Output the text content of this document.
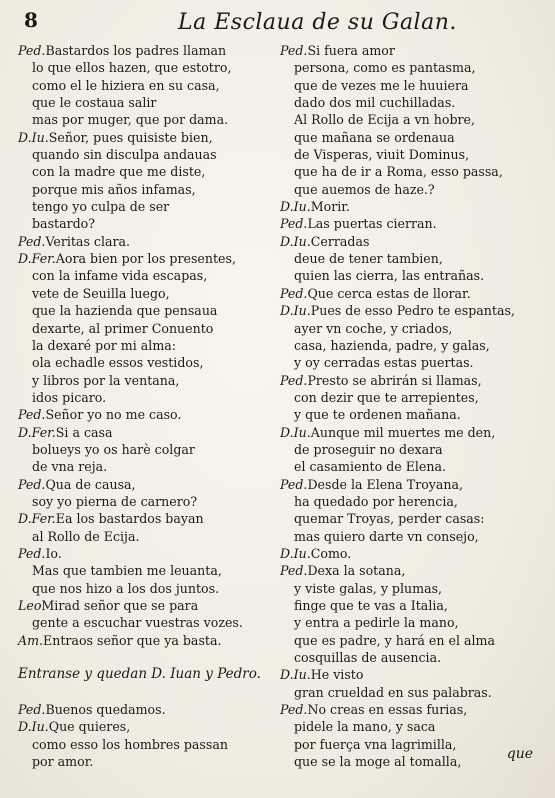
8	La Esclaua de su Galan.
Ped.Bastardos los padres llaman
lo que ellos hazen, que estotro,
como el le hiziera en su casa,
que le costaua salir
mas por muger, que por dama.
D.Iu.Señor, pues quisiste bien,
quando sin disculpa andauas
con la madre que me diste,
porque mis años infamas,
tengo yo culpa de ser
bastardo?
Ped.Veritas clara.
D.Fer.Aora bien por los presentes,
con la infame vida escapas,
vete de Seuilla luego,
que la hazienda que pensaua
dexarte, al primer Conuento
la dexaré por mi alma:
ola echadle essos vestidos,
y libros por la ventana,
idos picaro.
Ped.Señor yo no me caso.
D.Fer.Si a casa
bolueys yo os harè colgar
de vna reja.
Ped.Qua de causa,
soy yo pierna de carnero?
D.Fer.Ea los bastardos bayan
al Rollo de Ecija.
Ped.Io.
Mas que tambien me leuanta,
que nos hizo a los dos juntos.
LeoMirad señor que se para
gente a escuchar vuestras vozes.
Am.Entraos señor que ya basta.
Entranse y quedan D. Iuan y Pedro.
Ped.Buenos quedamos.
D.Iu.Que quieres,
como esso los hombres passan
por amor.
Ped.Si fuera amor
persona, como es pantasma,
que de vezes me le huuiera
dado dos mil cuchilladas.
Al Rollo de Ecija a vn hobre,
que mañana se ordenaua
de Visperas, viuit Dominus,
que ha de ir a Roma, esso passa,
que auemos de haze.?
D.Iu.Morir.
Ped.Las puertas cierran.
D.Iu.Cerradas
deue de tener tambien,
quien las cierra, las entrañas.
Ped.Que cerca estas de llorar.
D.Iu.Pues de esso Pedro te espantas,
ayer vn coche, y criados,
casa, hazienda, padre, y galas,
y oy cerradas estas puertas.
Ped.Presto se abrirán si llamas,
con dezir que te arrepientes,
y que te ordenen mañana.
D.Iu.Aunque mil muertes me den,
de proseguir no dexara
el casamiento de Elena.
Ped.Desde la Elena Troyana,
ha quedado por herencia,
quemar Troyas, perder casas:
mas quiero darte vn consejo,
D.Iu.Como.
Ped.Dexa la sotana,
y viste galas, y plumas,
finge que te vas a Italia,
y entra a pedirle la mano,
que es padre, y hará en el alma
cosquillas de ausencia.
D.Iu.He visto
gran crueldad en sus palabras.
Ped.No creas en essas furias,
pidele la mano, y saca
por fuerça vna lagrimilla,
que se la moge al tomalla,	que
